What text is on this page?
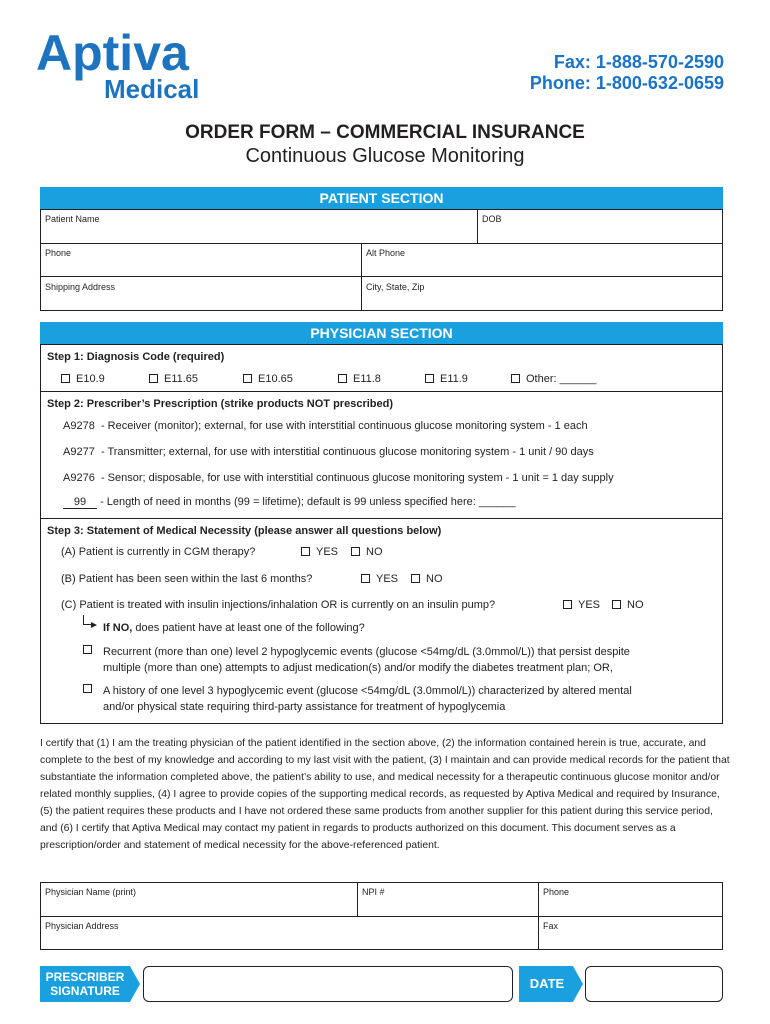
Aptiva
Medical
Fax: 1-888-570-2590
Phone: 1-800-632-0659
ORDER FORM – COMMERCIAL INSURANCE
Continuous Glucose Monitoring
PATIENT SECTION
Patient Name	DOB
Phone	Alt Phone
Shipping Address	City, State, Zip
PHYSICIAN SECTION
Step 1: Diagnosis Code (required)
E10.9	E11.65	E10.65	E11.8	E11.9	Other: ______
Step 2: Prescriber’s Prescription (strike products NOT prescribed)
A9278 - Receiver (monitor); external, for use with interstitial continuous glucose monitoring system - 1 each
A9277 - Transmitter; external, for use with interstitial continuous glucose monitoring system - 1 unit / 90 days
A9276 - Sensor; disposable, for use with interstitial continuous glucose monitoring system - 1 unit = 1 day supply
99 - Length of need in months (99 = lifetime); default is 99 unless specified here: ______
Step 3: Statement of Medical Necessity (please answer all questions below)
(A) Patient is currently in CGM therapy?	YES	NO
(B) Patient has been seen within the last 6 months?	YES	NO
(C) Patient is treated with insulin injections/inhalation OR is currently on an insulin pump?	YES	NO
If NO, does patient have at least one of the following?
Recurrent (more than one) level 2 hypoglycemic events (glucose <54mg/dL (3.0mmol/L)) that persist despite
multiple (more than one) attempts to adjust medication(s) and/or modify the diabetes treatment plan; OR,
A history of one level 3 hypoglycemic event (glucose <54mg/dL (3.0mmol/L)) characterized by altered mental
and/or physical state requiring third-party assistance for treatment of hypoglycemia
I certify that (1) I am the treating physician of the patient identified in the section above, (2) the information contained herein is true, accurate, and complete to the best of my knowledge and according to my last visit with the patient, (3) I maintain and can provide medical records for the patient that substantiate the information completed above, the patient’s ability to use, and medical necessity for a therapeutic continuous glucose monitor and/or related monthly supplies, (4) I agree to provide copies of the supporting medical records, as requested by Aptiva Medical and required by Insurance, (5) the patient requires these products and I have not ordered these same products from another supplier for this patient during this service period, and (6) I certify that Aptiva Medical may contact my patient in regards to products authorized on this document. This document serves as a prescription/order and statement of medical necessity for the above-referenced patient.
Physician Name (print)	NPI #	Phone
Physician Address	Fax
PRESCRIBER
SIGNATURE	DATE
